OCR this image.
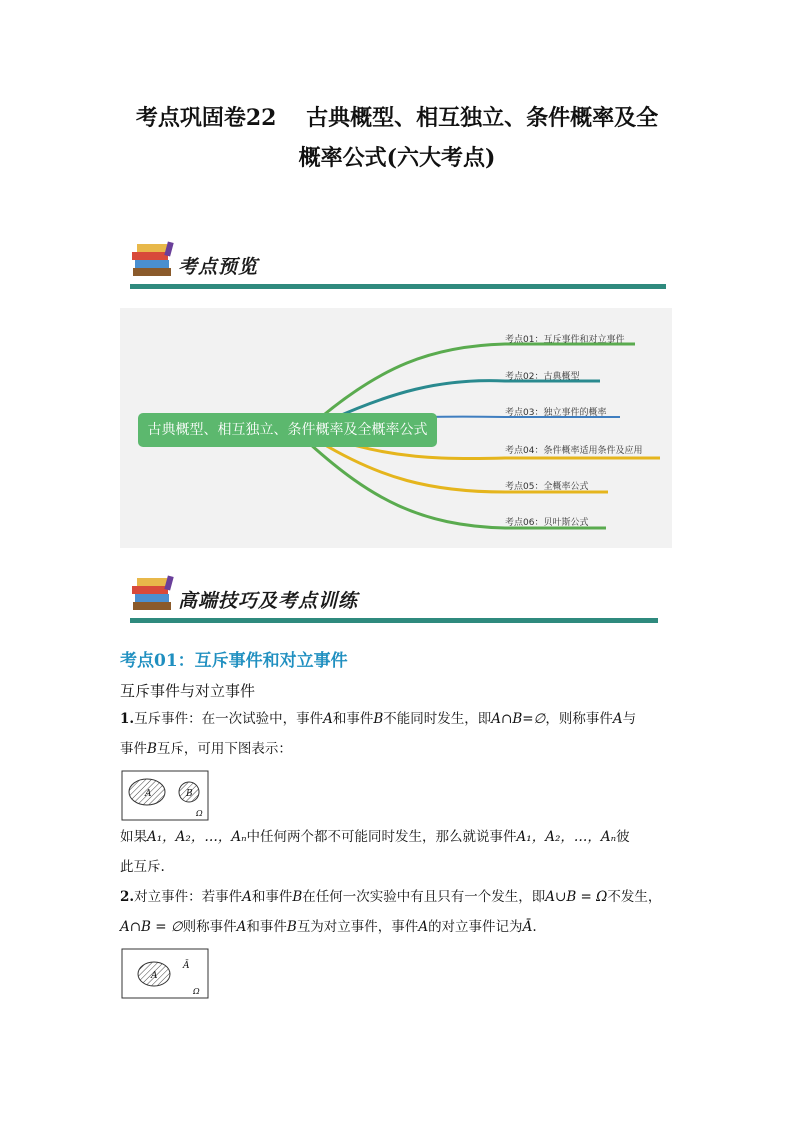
考点巩固卷22　 古典概型、相互独立、条件概率及全
概率公式(六大考点)
考点预览
古典概型、相互独立、条件概率及全概率公式
考点01：互斥事件和对立事件
考点02：古典概型
考点03：独立事件的概率
考点04：条件概率适用条件及应用
考点05：全概率公式
考点06：贝叶斯公式
高端技巧及考点训练
考点01：互斥事件和对立事件
互斥事件与对立事件
1.互斥事件：在一次试验中，事件A和事件B不能同时发生，即A∩B=∅，则称事件A与
事件B互斥，可用下图表示：
A	B
Ω
如果A₁，A₂，…，Aₙ中任何两个都不可能同时发生，那么就说事件A₁，A₂，…，Aₙ彼
此互斥.
2.对立事件：若事件A和事件B在任何一次实验中有且只有一个发生，即A∪B = Ω不发生，
A∩B = ∅则称事件A和事件B互为对立事件，事件A的对立事件记为Ā.
A
Ā
Ω
